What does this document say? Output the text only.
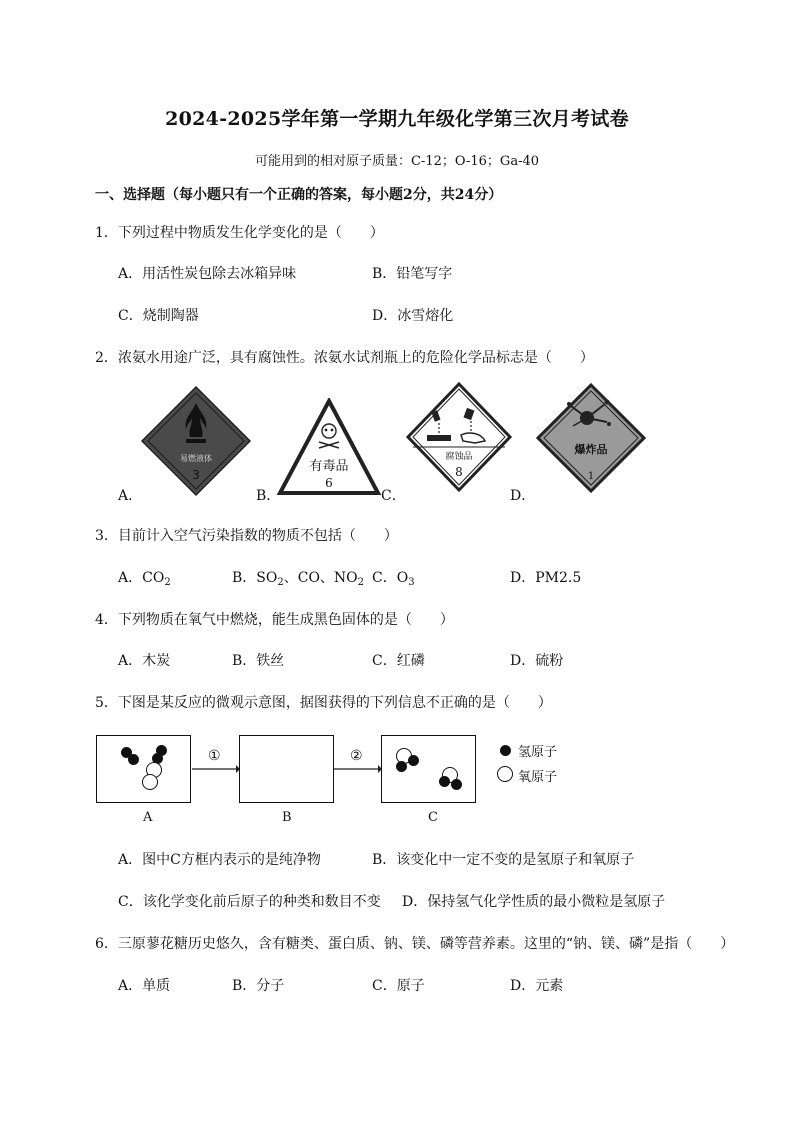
2024-2025学年第一学期九年级化学第三次月考试卷
可能用到的相对原子质量：C-12；O-16；Ga-40
一、选择题（每小题只有一个正确的答案，每小题2分，共24分）
1．下列过程中物质发生化学变化的是（　　）
A．用活性炭包除去冰箱异味	B．铅笔写字
C．烧制陶器	D．冰雪熔化
2．浓氨水用途广泛，具有腐蚀性。浓氨水试剂瓶上的危险化学品标志是（　　）
A．	B．	C．	D．
易燃液体
3
有毒品
6
腐蚀品
8
爆炸品
1
3．目前计入空气污染指数的物质不包括（　　）
A．$CO_2$	B．$SO_2$、CO、$NO_2$ C．$O_3$	D．PM2.5
4．下列物质在氧气中燃烧，能生成黑色固体的是（　　）
A．木炭	B．铁丝	C．红磷	D．硫粉
5．下图是某反应的微观示意图，据图获得的下列信息不正确的是（　　）
①	②
A	B	C
氢原子
氧原子
A．图中C方框内表示的是纯净物	B．该变化中一定不变的是氢原子和氧原子
C．该化学变化前后原子的种类和数目不变 D．保持氢气化学性质的最小微粒是氢原子
6．三原蓼花糖历史悠久，含有糖类、蛋白质、钠、镁、磷等营养素。这里的“钠、镁、磷”是指（　　）
A．单质	B．分子	C．原子	D．元素
